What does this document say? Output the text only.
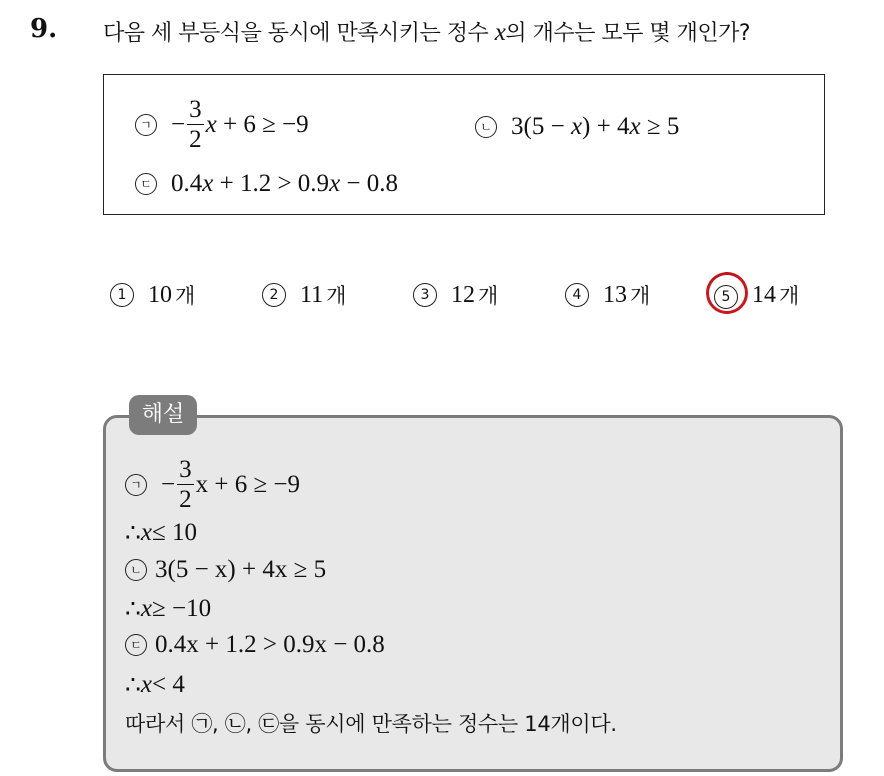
9. 다음 세 부등식을 동시에 만족시키는 정수 x의 개수는 모두 몇 개인가?
ㄱ − $\frac{3}{2}$ x + 6 ≥ −9	ㄴ 3(5 − x) + 4x ≥ 5
ㄷ 0.4x + 1.2 > 0.9x − 0.8
1 10 개	2 11 개	3 12 개	4 13 개	5 14 개
해설
ㄱ − $\frac{3}{2}$ x + 6 ≥ −9
∴ x ≤ 10
ㄴ 3(5 − x) + 4x ≥ 5
∴ x ≥ −10
ㄷ 0.4x + 1.2 > 0.9x − 0.8
∴ x < 4
따라서 ㉠, ㉡, ㉢을 동시에 만족하는 정수는 14개이다.
